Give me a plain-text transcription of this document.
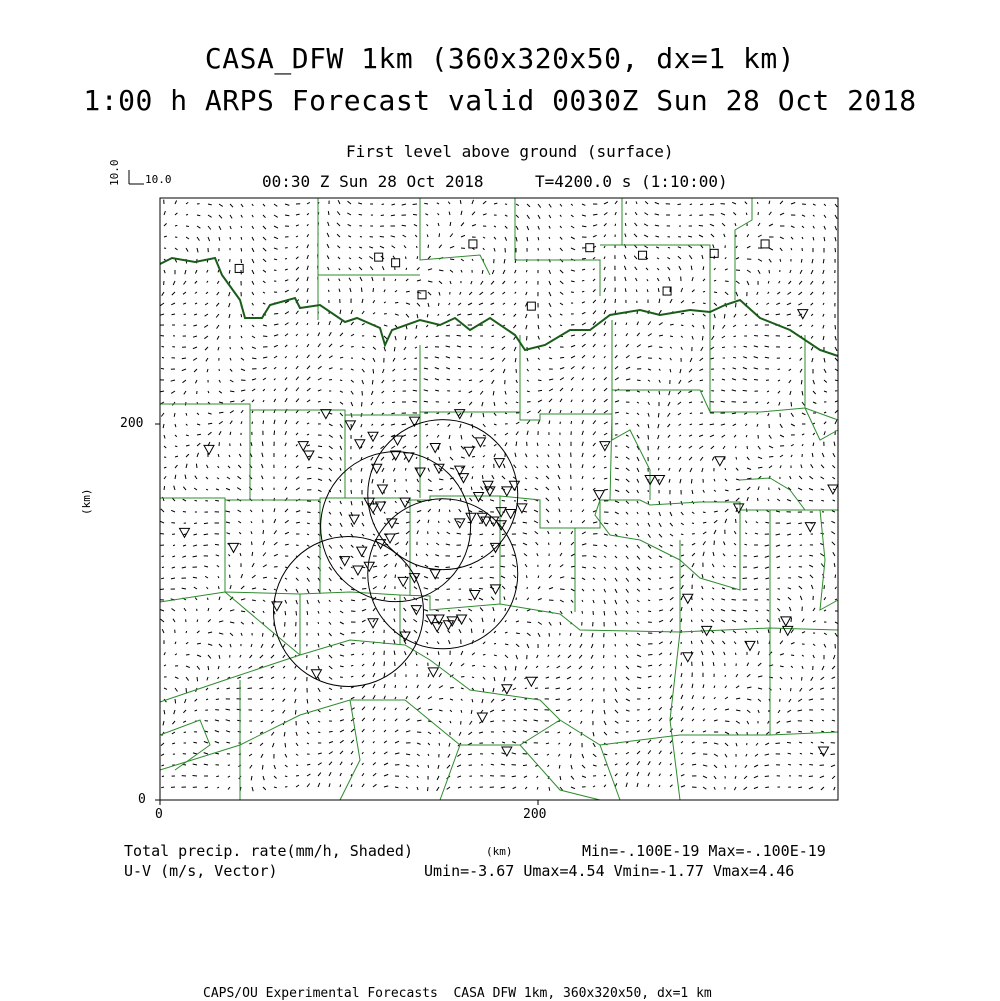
CASA_DFW 1km (360x320x50, dx=1 km)
1:00 h ARPS Forecast valid 0030Z Sun 28 Oct 2018
First level above ground (surface)
00:30 Z Sun 28 Oct 2018	T=4200.0 s (1:10:00)
10.0
10.0
0
200
0	200
(km)
(km)
Total precip. rate(mm/h, Shaded)	Min=-.100E-19 Max=-.100E-19
U-V (m/s, Vector)	Umin=-3.67 Umax=4.54 Vmin=-1.77 Vmax=4.46
CAPS/OU Experimental Forecasts  CASA DFW 1km, 360x320x50, dx=1 km
